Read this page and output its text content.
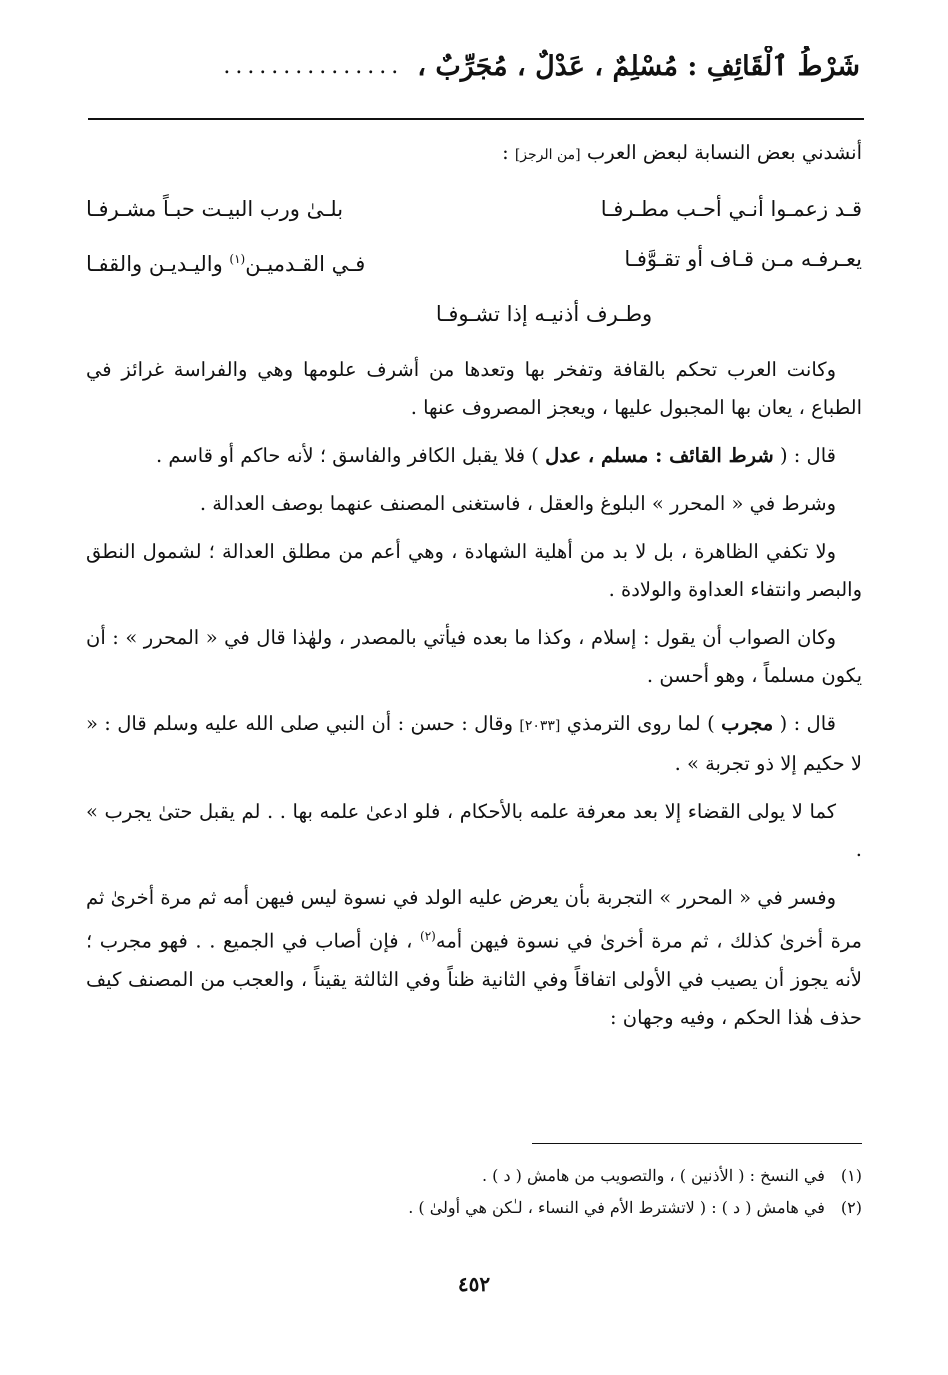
شَرْطُ ٱلْقَائِفِ : مُسْلِمٌ ، عَدْلٌ ، مُجَرِّبٌ ،
...............

أنشدني بعض النسابة لبعض العرب [من الرجز] :

قـد زعمـوا أنـي أحـب مطـرفـا
بلـىٰ ورب البيـت حبـاً مشـرفـا
يعـرفـه مـن قـاف أو تقـوَّفـا
فـي القـدميـن$^{(١)}$ واليـديـن والقفـا
وطـرف أذنيـه إذا تشـوفـا

وكانت العرب تحكم بالقافة وتفخر بها وتعدها من أشرف علومها وهي والفراسة غرائز في الطباع ، يعان بها المجبول عليها ، ويعجز المصروف عنها .

قال : ( شرط القائف : مسلم ، عدل ) فلا يقبل الكافر والفاسق ؛ لأنه حاكم أو قاسم .

وشرط في « المحرر » البلوغ والعقل ، فاستغنى المصنف عنهما بوصف العدالة .

ولا تكفي الظاهرة ، بل لا بد من أهلية الشهادة ، وهي أعم من مطلق العدالة ؛ لشمول النطق والبصر وانتفاء العداوة والولادة .

وكان الصواب أن يقول : إسلام ، وكذا ما بعده فيأتي بالمصدر ، ولهٰذا قال في « المحرر » : أن يكون مسلماً ، وهو أحسن .

قال : ( مجرب ) لما روى الترمذي [٢٠٣٣] وقال : حسن : أن النبي صلى الله عليه وسلم قال : « لا حكيم إلا ذو تجربة » .

كما لا يولى القضاء إلا بعد معرفة علمه بالأحكام ، فلو ادعىٰ علمه بها . . لم يقبل حتىٰ يجرب » .

وفسر في « المحرر » التجربة بأن يعرض عليه الولد في نسوة ليس فيهن أمه ثم مرة أخرىٰ ثم مرة أخرىٰ كذلك ، ثم مرة أخرىٰ في نسوة فيهن أمه$^{(٢)}$ ، فإن أصاب في الجميع . . فهو مجرب ؛ لأنه يجوز أن يصيب في الأولى اتفاقاً وفي الثانية ظناً وفي الثالثة يقيناً ، والعجب من المصنف كيف حذف هٰذا الحكم ، وفيه وجهان :

(١)
في النسخ : ( الأذنين ) ، والتصويب من هامش ( د ) .
(٢)
في هامش ( د ) : ( لاتشترط الأم في النساء ، لـٰكن هي أولىٰ ) .
٤٥٢
